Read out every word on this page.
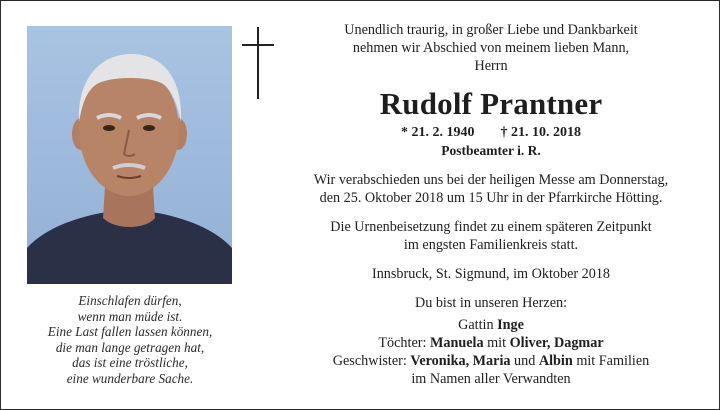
Einschlafen dürfen,
wenn man müde ist.
Eine Last fallen lassen können,
die man lange getragen hat,
das ist eine tröstliche,
eine wunderbare Sache.
Unendlich traurig, in großer Liebe und Dankbarkeit
nehmen wir Abschied von meinem lieben Mann,
Herrn
Rudolf Prantner
* 21. 2. 1940 † 21. 10. 2018
Postbeamter i. R.
Wir verabschieden uns bei der heiligen Messe am Donnerstag,
den 25. Oktober 2018 um 15 Uhr in der Pfarrkirche Hötting.
Die Urnenbeisetzung findet zu einem späteren Zeitpunkt
im engsten Familienkreis statt.
Innsbruck, St. Sigmund, im Oktober 2018
Du bist in unseren Herzen:
Gattin Inge
Töchter: Manuela mit Oliver, Dagmar
Geschwister: Veronika, Maria und Albin mit Familien
im Namen aller Verwandten
